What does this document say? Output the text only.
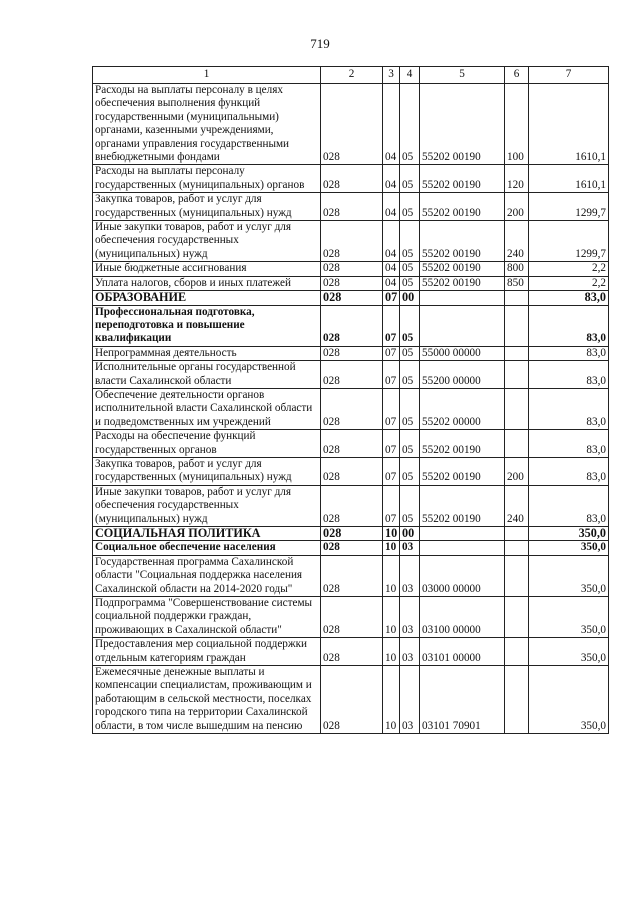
719
1	2	3	4	5	6	7
Расходы на выплаты персоналу в целях обеспечения выполнения функций государственными (муниципальными) органами, казенными учреждениями, органами управления государственными внебюджетными фондами	028	04	05	55202 00190	100	1610,1
Расходы на выплаты персоналу государственных (муниципальных) органов	028	04	05	55202 00190	120	1610,1
Закупка товаров, работ и услуг для государственных (муниципальных) нужд	028	04	05	55202 00190	200	1299,7
Иные закупки товаров, работ и услуг для обеспечения государственных (муниципальных) нужд	028	04	05	55202 00190	240	1299,7
Иные бюджетные ассигнования	028	04	05	55202 00190	800	2,2
Уплата налогов, сборов и иных платежей	028	04	05	55202 00190	850	2,2
ОБРАЗОВАНИЕ	028	07	00			83,0
Профессиональная подготовка, переподготовка и повышение квалификации	028	07	05			83,0
Непрограммная деятельность	028	07	05	55000 00000		83,0
Исполнительные органы государственной власти Сахалинской области	028	07	05	55200 00000		83,0
Обеспечение деятельности органов исполнительной власти Сахалинской области и подведомственных им учреждений	028	07	05	55202 00000		83,0
Расходы на обеспечение функций государственных органов	028	07	05	55202 00190		83,0
Закупка товаров, работ и услуг для государственных (муниципальных) нужд	028	07	05	55202 00190	200	83,0
Иные закупки товаров, работ и услуг для обеспечения государственных (муниципальных) нужд	028	07	05	55202 00190	240	83,0
СОЦИАЛЬНАЯ ПОЛИТИКА	028	10	00			350,0
Социальное обеспечение населения	028	10	03			350,0
Государственная программа Сахалинской области "Социальная поддержка населения Сахалинской области на 2014-2020 годы"	028	10	03	03000 00000		350,0
Подпрограмма "Совершенствование системы социальной поддержки граждан, проживающих в Сахалинской области"	028	10	03	03100 00000		350,0
Предоставления мер социальной поддержки отдельным категориям граждан	028	10	03	03101 00000		350,0
Ежемесячные денежные выплаты и компенсации специалистам, проживающим и работающим в сельской местности, поселках городского типа на территории Сахалинской области, в том числе вышедшим на пенсию	028	10	03	03101 70901		350,0
